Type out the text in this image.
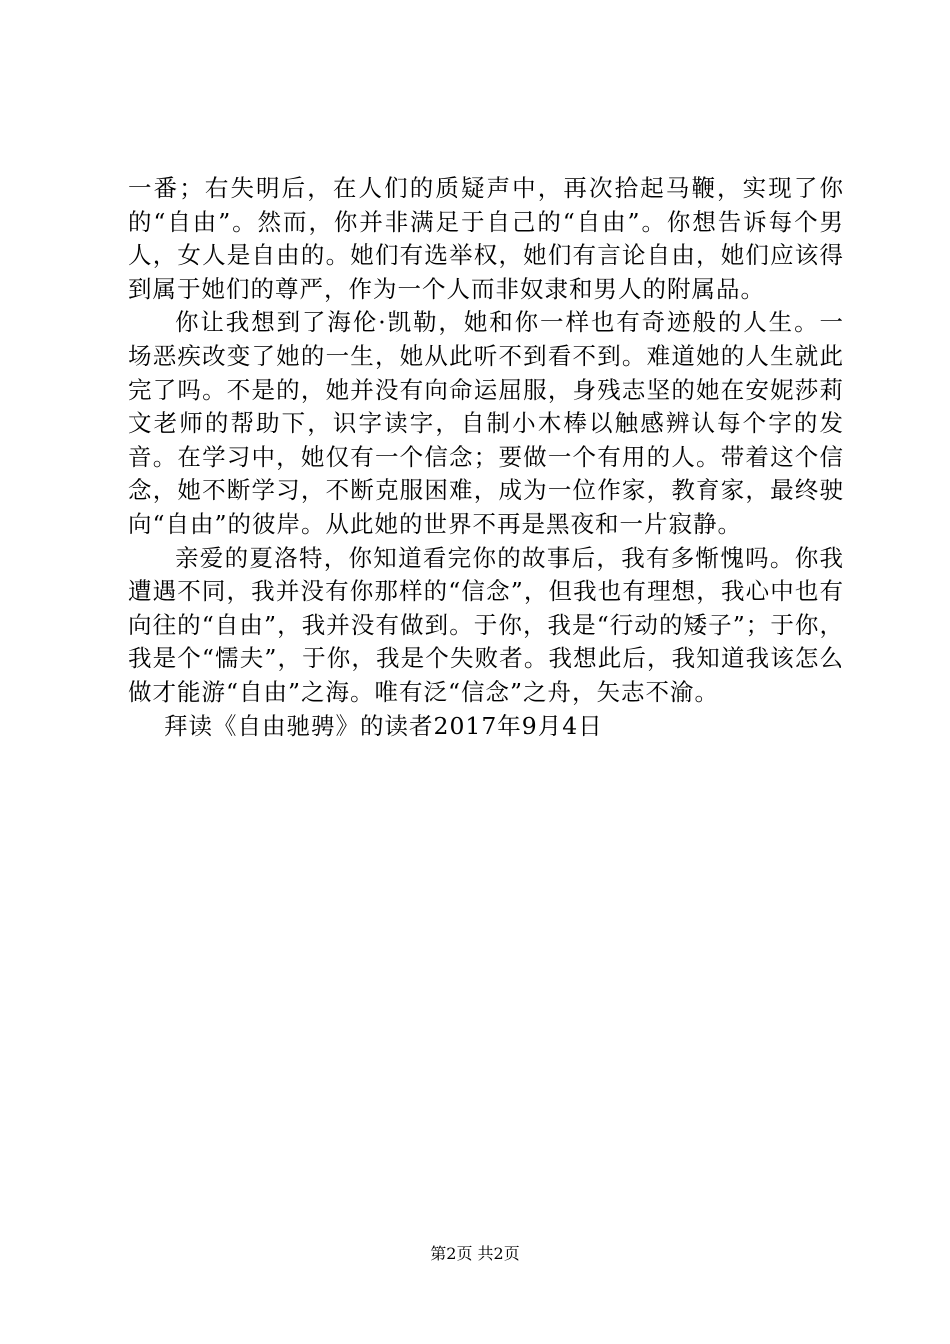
一番；右失明后，在人们的质疑声中，再次拾起马鞭，实现了你的“自由”。然而，你并非满足于自己的“自由”。你想告诉每个男人，女人是自由的。她们有选举权，她们有言论自由，她们应该得到属于她们的尊严，作为一个人而非奴隶和男人的附属品。

你让我想到了海伦·凯勒，她和你一样也有奇迹般的人生。一场恶疾改变了她的一生，她从此听不到看不到。难道她的人生就此完了吗。不是的，她并没有向命运屈服，身残志坚的她在安妮莎莉文老师的帮助下，识字读字，自制小木棒以触感辨认每个字的发音。在学习中，她仅有一个信念；要做一个有用的人。带着这个信念，她不断学习，不断克服困难，成为一位作家，教育家，最终驶向“自由”的彼岸。从此她的世界不再是黑夜和一片寂静。

亲爱的夏洛特，你知道看完你的故事后，我有多惭愧吗。你我遭遇不同，我并没有你那样的“信念”，但我也有理想，我心中也有向往的“自由”，我并没有做到。于你，我是“行动的矮子”；于你，我是个“懦夫”，于你，我是个失败者。我想此后，我知道我该怎么做才能游“自由”之海。唯有泛“信念”之舟，矢志不渝。

拜读《自由驰骋》的读者2017年9月4日

第2页 共2页
